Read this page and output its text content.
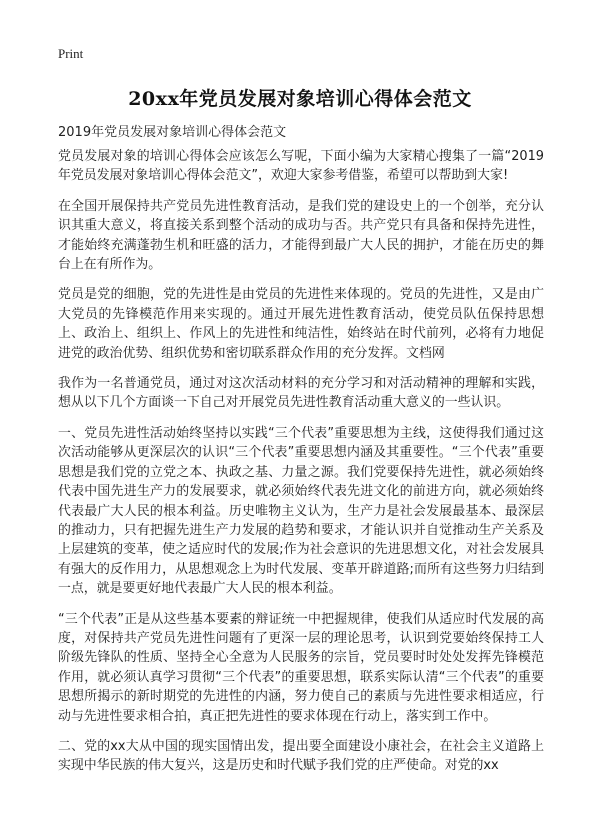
Print
20xx年党员发展对象培训心得体会范文
2019年党员发展对象培训心得体会范文

党员发展对象的培训心得体会应该怎么写呢，下面小编为大家精心搜集了一篇“2019年党员发展对象培训心得体会范文”，欢迎大家参考借鉴，希望可以帮助到大家!

在全国开展保持共产党员先进性教育活动，是我们党的建设史上的一个创举，充分认识其重大意义，将直接关系到整个活动的成功与否。共产党只有具备和保持先进性，才能始终充满蓬勃生机和旺盛的活力，才能得到最广大人民的拥护，才能在历史的舞台上在有所作为。

党员是党的细胞，党的先进性是由党员的先进性来体现的。党员的先进性，又是由广大党员的先锋模范作用来实现的。通过开展先进性教育活动，使党员队伍保持思想上、政治上、组织上、作风上的先进性和纯洁性，始终站在时代前列，必将有力地促进党的政治优势、组织优势和密切联系群众作用的充分发挥。文档网

我作为一名普通党员，通过对这次活动材料的充分学习和对活动精神的理解和实践，想从以下几个方面谈一下自己对开展党员先进性教育活动重大意义的一些认识。

一、党员先进性活动始终坚持以实践“三个代表”重要思想为主线，这使得我们通过这次活动能够从更深层次的认识“三个代表”重要思想内涵及其重要性。“三个代表”重要思想是我们党的立党之本、执政之基、力量之源。我们党要保持先进性，就必须始终代表中国先进生产力的发展要求，就必须始终代表先进文化的前进方向，就必须始终代表最广大人民的根本利益。历史唯物主义认为，生产力是社会发展最基本、最深层的推动力，只有把握先进生产力发展的趋势和要求，才能认识并自觉推动生产关系及上层建筑的变革，使之适应时代的发展;作为社会意识的先进思想文化，对社会发展具有强大的反作用力，从思想观念上为时代发展、变革开辟道路;而所有这些努力归结到一点，就是要更好地代表最广大人民的根本利益。

“三个代表”正是从这些基本要素的辩证统一中把握规律，使我们从适应时代发展的高度，对保持共产党员先进性问题有了更深一层的理论思考，认识到党要始终保持工人阶级先锋队的性质、坚持全心全意为人民服务的宗旨，党员要时时处处发挥先锋模范作用，就必须认真学习贯彻“三个代表”的重要思想，联系实际认清“三个代表”的重要思想所揭示的新时期党的先进性的内涵，努力使自己的素质与先进性要求相适应，行动与先进性要求相合拍，真正把先进性的要求体现在行动上，落实到工作中。

二、党的xx大从中国的现实国情出发，提出要全面建设小康社会，在社会主义道路上实现中华民族的伟大复兴，这是历史和时代赋予我们党的庄严使命。对党的xx
